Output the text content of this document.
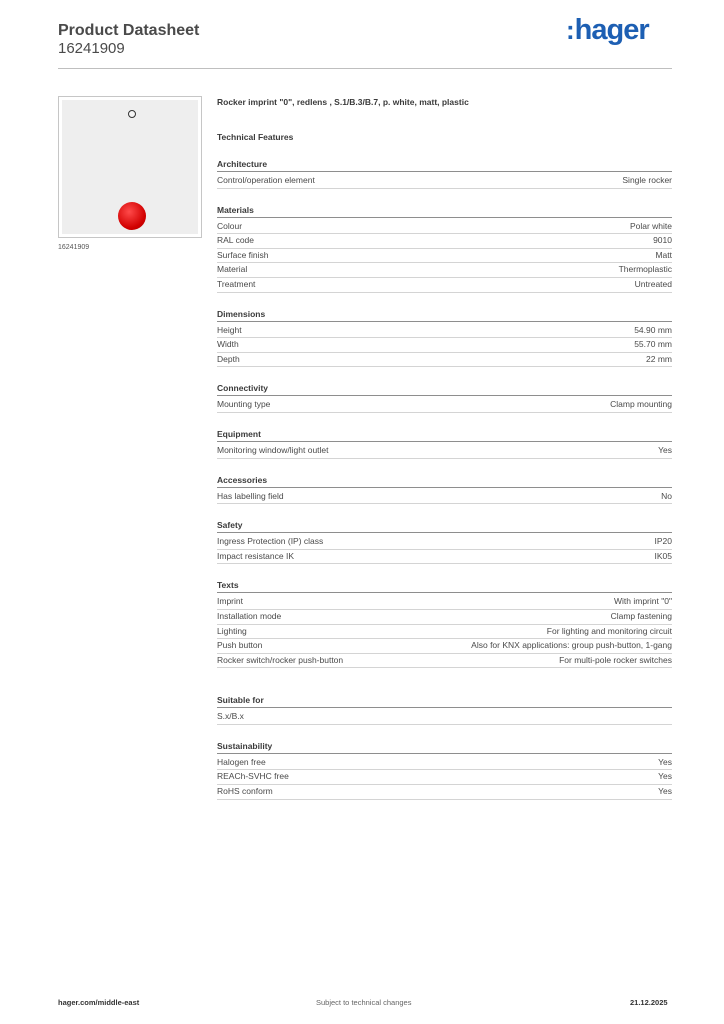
Product Datasheet
16241909
: hager
16241909
Rocker imprint "0", redlens , S.1/B.3/B.7, p. white, matt, plastic
Technical Features
Architecture
Control/operation element	Single rocker
Materials
Colour	Polar white
RAL code	9010
Surface finish	Matt
Material	Thermoplastic
Treatment	Untreated
Dimensions
Height	54.90 mm
Width	55.70 mm
Depth	22 mm
Connectivity
Mounting type	Clamp mounting
Equipment
Monitoring window/light outlet	Yes
Accessories
Has labelling field	No
Safety
Ingress Protection (IP) class	IP20
Impact resistance IK	IK05
Texts
Imprint	With imprint "0"
Installation mode	Clamp fastening
Lighting	For lighting and monitoring circuit
Push button	Also for KNX applications: group push-button, 1-gang
Rocker switch/rocker push-button	For multi-pole rocker switches
Suitable for
S.x/B.x
Sustainability
Halogen free	Yes
REACh-SVHC free	Yes
RoHS conform	Yes
hager.com/middle-east	Subject to technical changes	21.12.2025
